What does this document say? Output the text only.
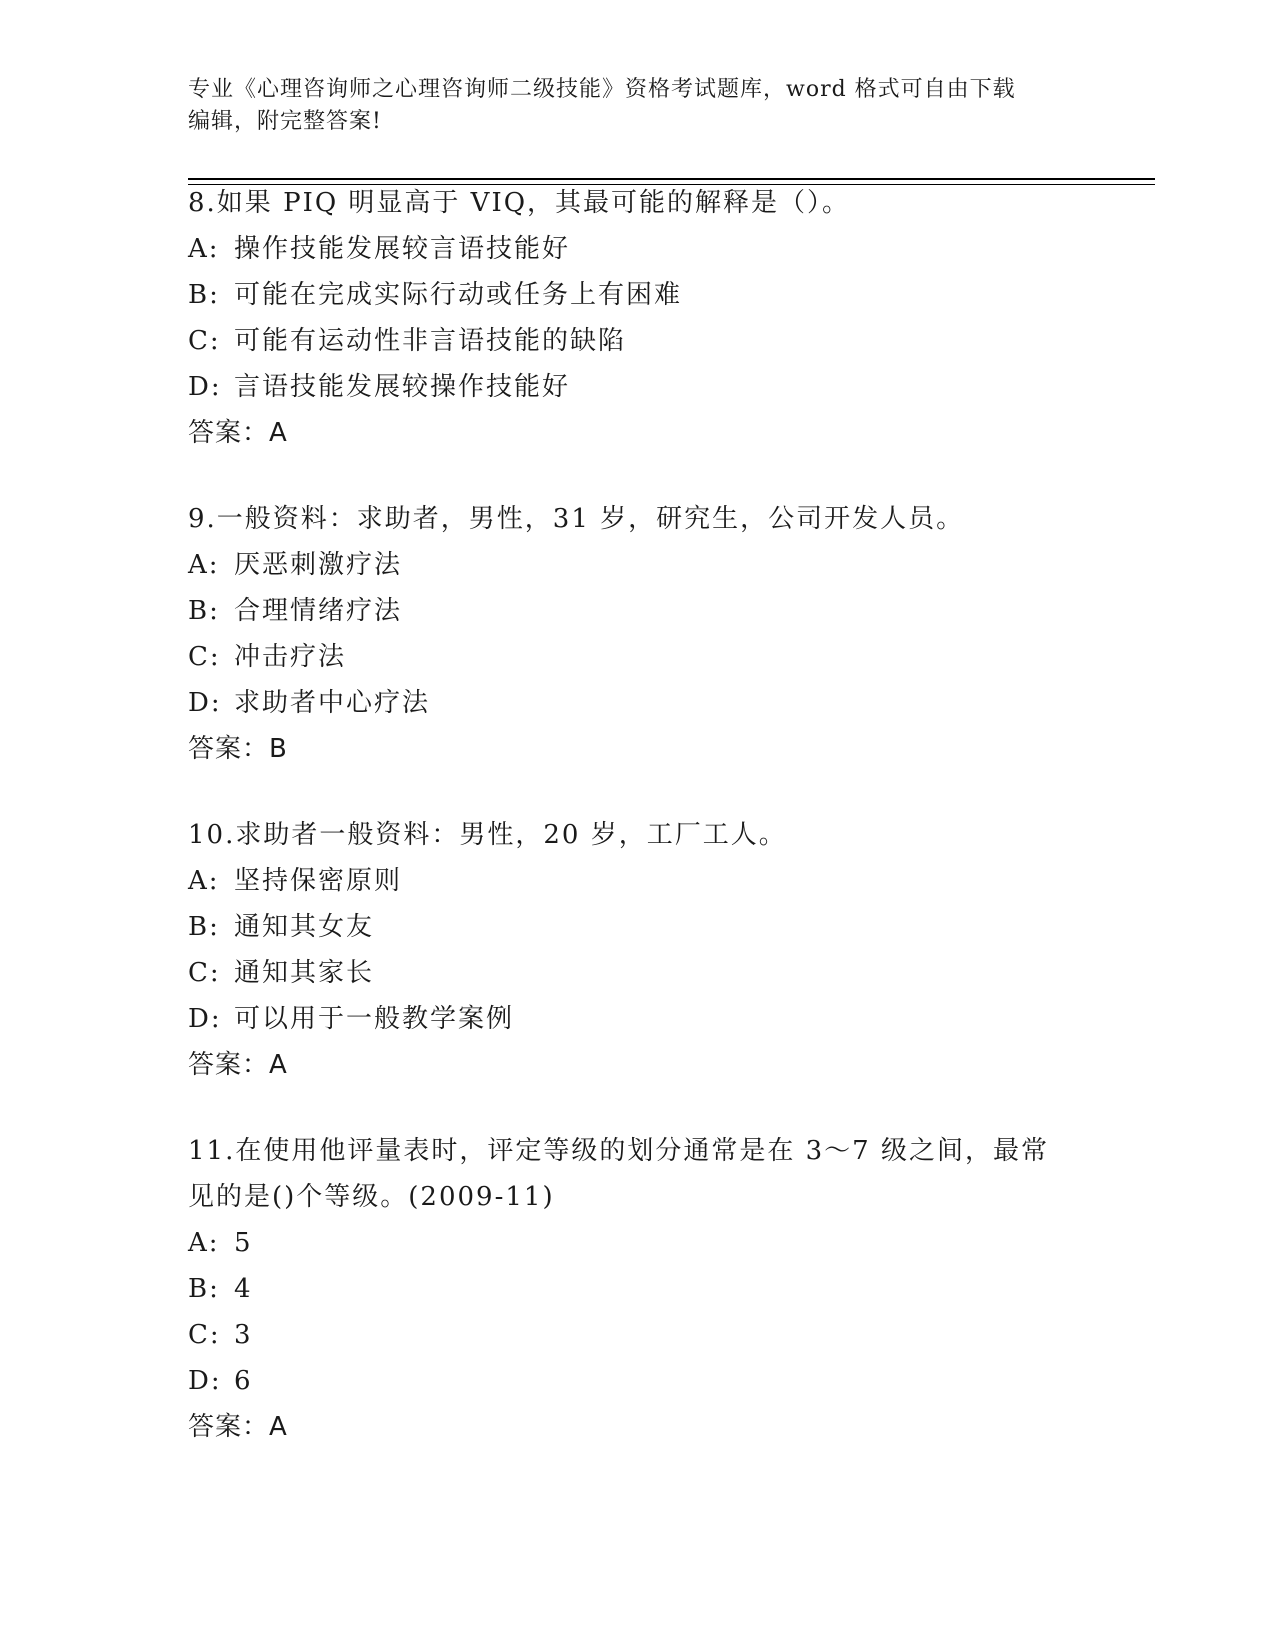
专业《心理咨询师之心理咨询师二级技能》资格考试题库，word 格式可自由下载
编辑，附完整答案!

8.如果 PIQ 明显高于 VIQ，其最可能的解释是（）。

A: 操作技能发展较言语技能好

B: 可能在完成实际行动或任务上有困难

C: 可能有运动性非言语技能的缺陷

D: 言语技能发展较操作技能好

答案：A

9.一般资料：求助者，男性，31 岁，研究生，公司开发人员。

A: 厌恶刺激疗法

B: 合理情绪疗法

C: 冲击疗法

D: 求助者中心疗法

答案：B

10.求助者一般资料：男性，20 岁，工厂工人。

A: 坚持保密原则

B: 通知其女友

C: 通知其家长

D: 可以用于一般教学案例

答案：A

11.在使用他评量表时，评定等级的划分通常是在 3～7 级之间，最常
见的是()个等级。(2009-11)

A: 5

B: 4

C: 3

D: 6

答案：A
